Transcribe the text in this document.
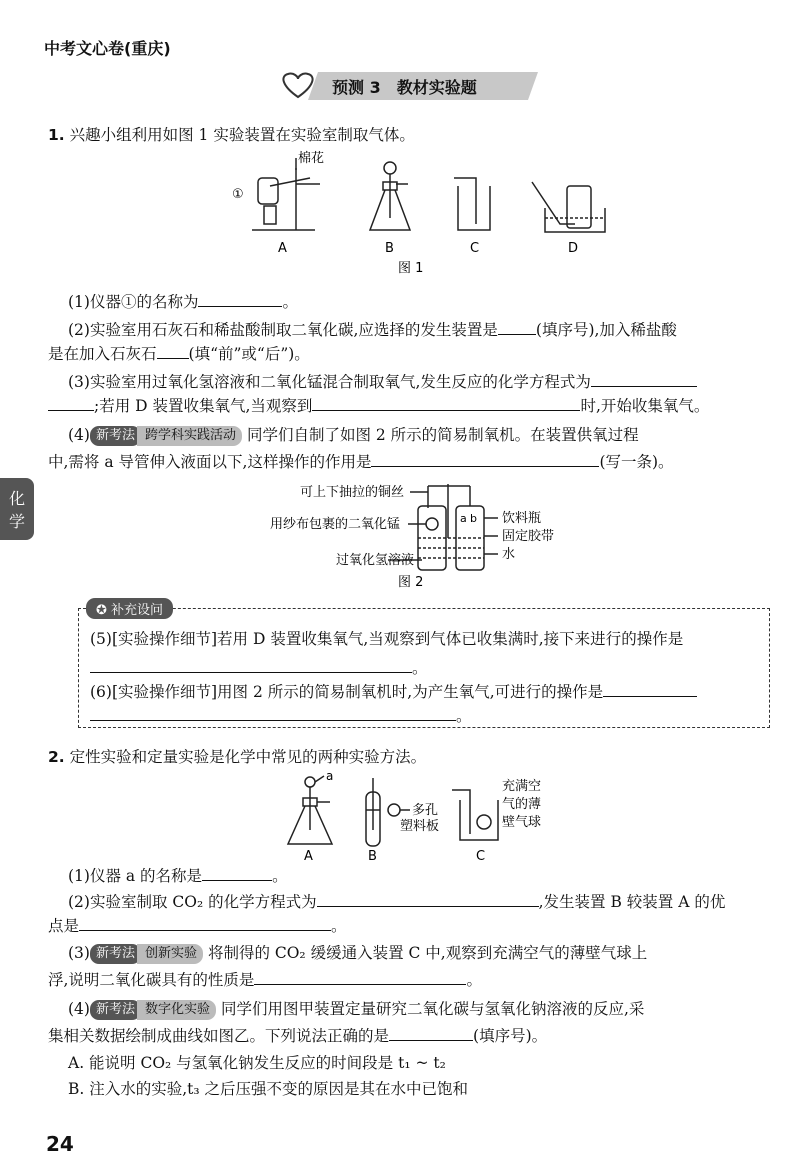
中考文心卷(重庆)
预测 3　教材实验题
化
学
1. 兴趣小组利用如图 1 实验装置在实验室制取气体。
棉花
①
A	B	C	D
图 1
(1)仪器①的名称为	。
(2)实验室用石灰石和稀盐酸制取二氧化碳,应选择的发生装置是 (填序号),加入稀盐酸
是在加入石灰石 (填“前”或“后”)。
(3)实验室用过氧化氢溶液和二氧化锰混合制取氧气,发生反应的化学方程式为
;若用 D 装置收集氧气,当观察到	时,开始收集氧气。
(4) 新考法 跨学科实践活动 同学们自制了如图 2 所示的简易制氧机。在装置供氧过程
中,需将 a 导管伸入液面以下,这样操作的作用是	(写一条)。
可上下抽拉的铜丝
用纱布包裹的二氧化锰
过氧化氢溶液
饮料瓶
固定胶带
水
a b
图 2
✪ 补充设问
(5)[实验操作细节]若用 D 装置收集氧气,当观察到气体已收集满时,接下来进行的操作是
。
(6)[实验操作细节]用图 2 所示的简易制氧机时,为产生氧气,可进行的操作是
。
2. 定性实验和定量实验是化学中常见的两种实验方法。
a
多孔
塑料板
充满空
气的薄
壁气球
A	B	C
(1)仪器 a 的名称是	。
(2)实验室制取 CO₂ 的化学方程式为	,发生装置 B 较装置 A 的优
点是	。
(3) 新考法 创新实验 将制得的 CO₂ 缓缓通入装置 C 中,观察到充满空气的薄壁气球上
浮,说明二氧化碳具有的性质是	。
(4) 新考法 数字化实验 同学们用图甲装置定量研究二氧化碳与氢氧化钠溶液的反应,采
集相关数据绘制成曲线如图乙。下列说法正确的是	(填序号)。
A. 能说明 CO₂ 与氢氧化钠发生反应的时间段是 t₁ ~ t₂
B. 注入水的实验,t₃ 之后压强不变的原因是其在水中已饱和
24
